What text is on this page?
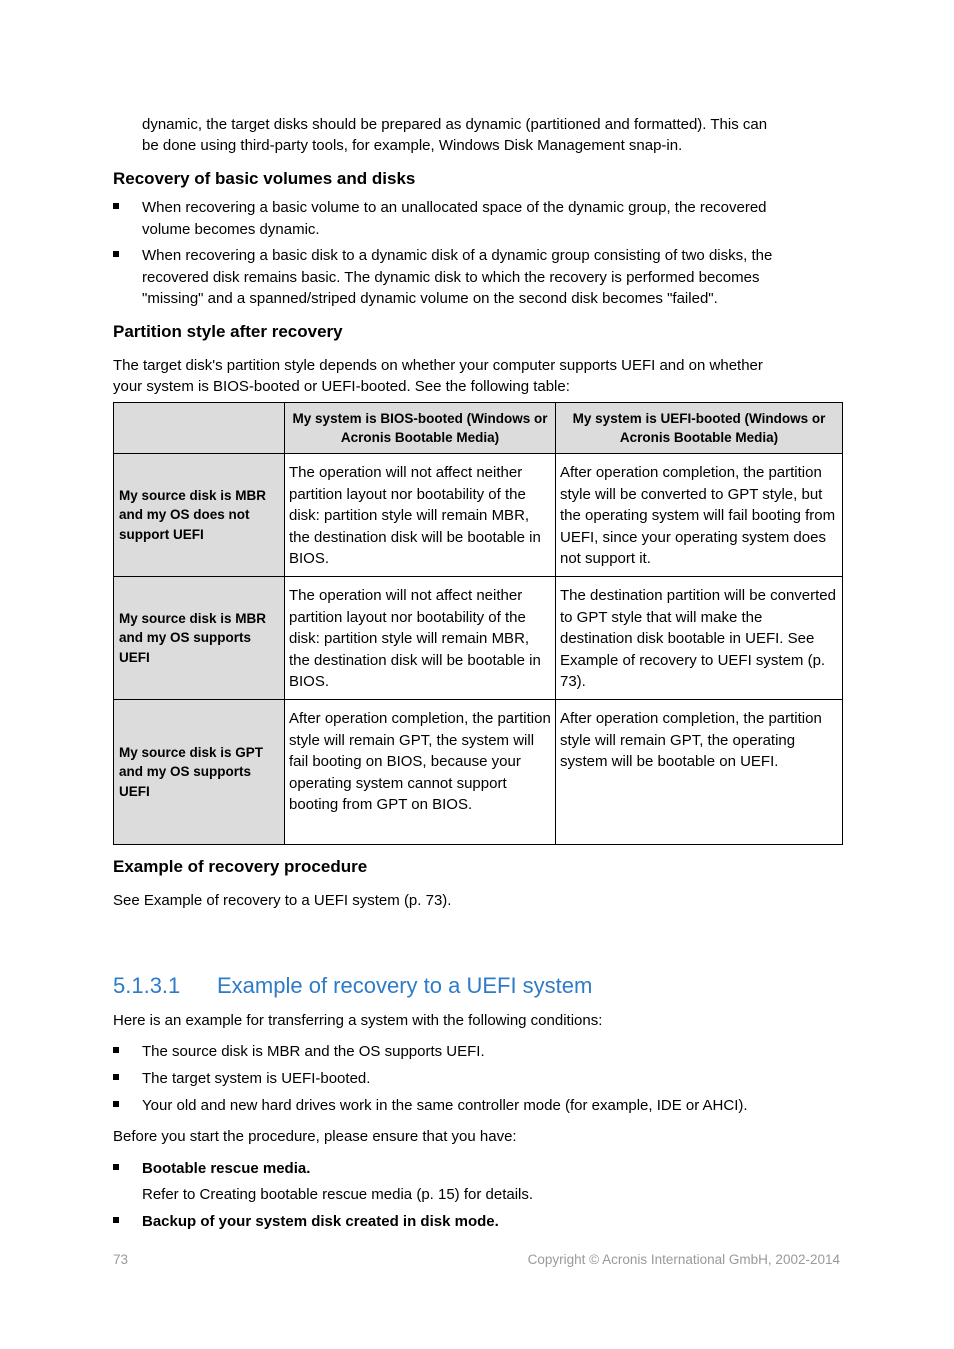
dynamic, the target disks should be prepared as dynamic (partitioned and formatted). This can

be done using third-party tools, for example, Windows Disk Management snap-in.

Recovery of basic volumes and disks

When recovering a basic volume to an unallocated space of the dynamic group, the recovered
volume becomes dynamic.
When recovering a basic disk to a dynamic disk of a dynamic group consisting of two disks, the
recovered disk remains basic. The dynamic disk to which the recovery is performed becomes
"missing" and a spanned/striped dynamic volume on the second disk becomes "failed".

Partition style after recovery

The target disk's partition style depends on whether your computer supports UEFI and on whether

your system is BIOS-booted or UEFI-booted. See the following table:

	My system is BIOS-booted (Windows or Acronis Bootable Media)	My system is UEFI-booted (Windows or Acronis Bootable Media)
My source disk is MBR and my OS does not support UEFI	The operation will not affect neither partition layout nor bootability of the disk: partition style will remain MBR, the destination disk will be bootable in BIOS.	After operation completion, the partition style will be converted to GPT style, but the operating system will fail booting from UEFI, since your operating system does not support it.
My source disk is MBR and my OS supports UEFI	The operation will not affect neither partition layout nor bootability of the disk: partition style will remain MBR, the destination disk will be bootable in BIOS.	The destination partition will be converted to GPT style that will make the destination disk bootable in UEFI. See Example of recovery to UEFI system (p. 73).
My source disk is GPT and my OS supports UEFI	After operation completion, the partition style will remain GPT, the system will fail booting on BIOS, because your operating system cannot support booting from GPT on BIOS.	After operation completion, the partition style will remain GPT, the operating system will be bootable on UEFI.

Example of recovery procedure

See Example of recovery to a UEFI system (p. 73).

5.1.3.1 Example of recovery to a UEFI system

Here is an example for transferring a system with the following conditions:

The source disk is MBR and the OS supports UEFI.
The target system is UEFI-booted.
Your old and new hard drives work in the same controller mode (for example, IDE or AHCI).

Before you start the procedure, please ensure that you have:

Bootable rescue media.

Refer to Creating bootable rescue media (p. 15) for details.

Backup of your system disk created in disk mode.
73	Copyright © Acronis International GmbH, 2002-2014
